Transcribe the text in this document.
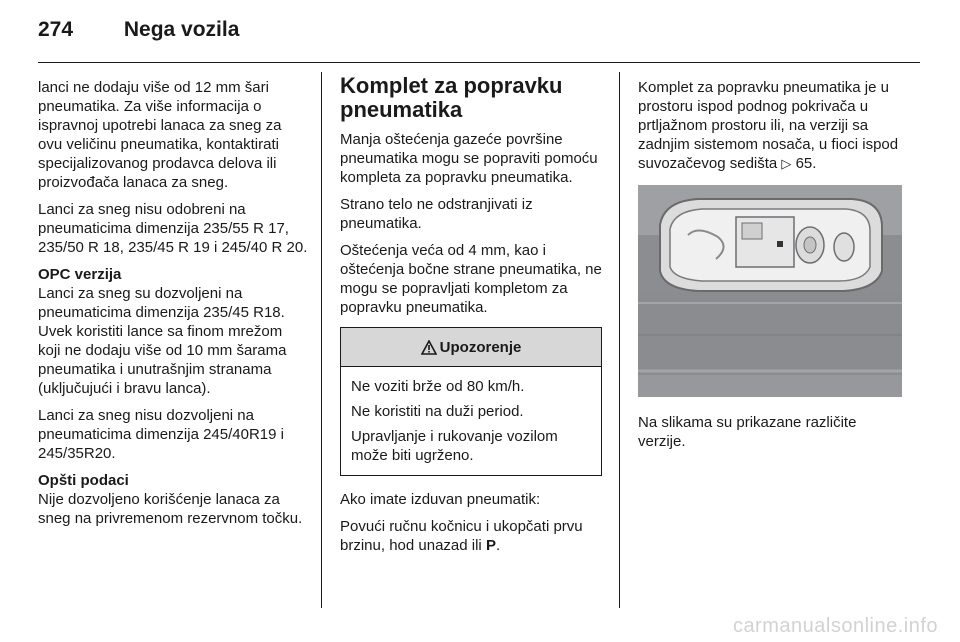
274 Nega vozila

lanci ne dodaju više od 12 mm šari pneumatika. Za više informacija o ispravnoj upotrebi lanaca za sneg za ovu veličinu pneumatika, kontaktirati specijalizovanog prodavca delova ili proizvođača lanaca za sneg.

Lanci za sneg nisu odobreni na pneumaticima dimenzija 235/55 R 17, 235/50 R 18, 235/45 R 19 i 245/40 R 20.

OPC verzija

Lanci za sneg su dozvoljeni na pneumaticima dimenzija 235/45 R18. Uvek koristiti lance sa finom mrežom koji ne dodaju više od 10 mm šarama pneumatika i unutrašnjim stranama (uključujući i bravu lanca).

Lanci za sneg nisu dozvoljeni na pneumaticima dimenzija 245/40R19 i 245/35R20.

Opšti podaci

Nije dozvoljeno korišćenje lanaca za sneg na privremenom rezervnom točku.

Komplet za popravku pneumatika

Manja oštećenja gazeće površine pneumatika mogu se popraviti pomoću kompleta za popravku pneumatika.

Strano telo ne odstranjivati iz pneumatika.

Oštećenja veća od 4 mm, kao i oštećenja bočne strane pneumatika, ne mogu se popravljati kompletom za popravku pneumatika.

Upozorenje

Ne voziti brže od 80 km/h.

Ne koristiti na duži period.

Upravljanje i rukovanje vozilom može biti ugrženo.

Ako imate izduvan pneumatik:

Povući ručnu kočnicu i ukopčati prvu brzinu, hod unazad ili P.

Komplet za popravku pneumatika je u prostoru ispod podnog pokrivača u prtljažnom prostoru ili, na verziji sa zadnjim sistemom nosača, u fioci ispod suvozačevog sedišta ▷ 65.

Na slikama su prikazane različite verzije.

carmanualsonline.info
